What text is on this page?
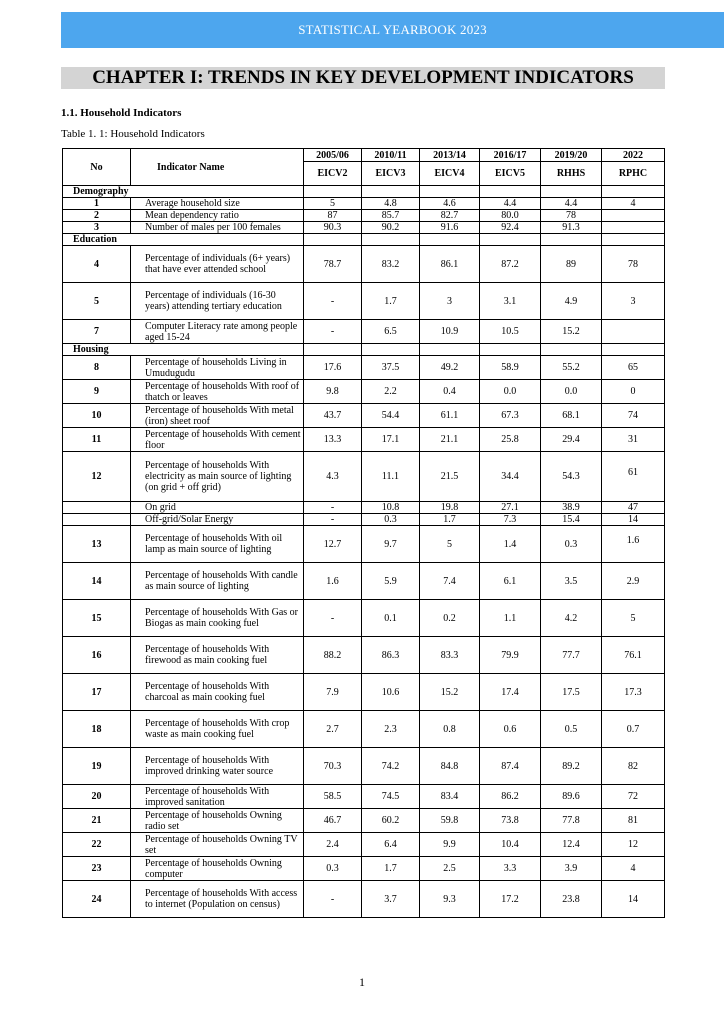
STATISTICAL YEARBOOK 2023
CHAPTER I: TRENDS IN KEY DEVELOPMENT INDICATORS
1.1. Household Indicators
Table 1. 1: Household Indicators
No	Indicator Name	2005/06	2010/11	2013/14	2016/17	2019/20	2022
		EICV2	EICV3	EICV4	EICV5	RHHS	RPHC
Demography							
1	Average household size	5	4.8	4.6	4.4	4.4	4
2	Mean dependency ratio	87	85.7	82.7	80.0	78	
3	Number of males per 100 females	90.3	90.2	91.6	92.4	91.3	
Education							
4	Percentage of individuals (6+ years) that have ever attended school	78.7	83.2	86.1	87.2	89	78
5	Percentage of individuals (16-30 years) attending tertiary education	-	1.7	3	3.1	4.9	3
7	Computer Literacy rate among people aged 15-24	-	6.5	10.9	10.5	15.2	
Housing							
8	Percentage of households Living in Umudugudu	17.6	37.5	49.2	58.9	55.2	65
9	Percentage of households With roof of thatch or leaves	9.8	2.2	0.4	0.0	0.0	0
10	Percentage of households With metal (iron) sheet roof	43.7	54.4	61.1	67.3	68.1	74
11	Percentage of households With cement floor	13.3	17.1	21.1	25.8	29.4	31
12	Percentage of households With electricity as main source of lighting (on grid + off grid)	4.3	11.1	21.5	34.4	54.3	61
	On grid	-	10.8	19.8	27.1	38.9	47
	Off-grid/Solar Energy	-	0.3	1.7	7.3	15.4	14
13	Percentage of households With oil lamp as main source of lighting	12.7	9.7	5	1.4	0.3	1.6
14	Percentage of households With candle as main source of lighting	1.6	5.9	7.4	6.1	3.5	2.9
15	Percentage of households With Gas or Biogas as main cooking fuel	-	0.1	0.2	1.1	4.2	5
16	Percentage of households With firewood as main cooking fuel	88.2	86.3	83.3	79.9	77.7	76.1
17	Percentage of households With charcoal as main cooking fuel	7.9	10.6	15.2	17.4	17.5	17.3
18	Percentage of households With crop waste as main cooking fuel	2.7	2.3	0.8	0.6	0.5	0.7
19	Percentage of households With improved drinking water source	70.3	74.2	84.8	87.4	89.2	82
20	Percentage of households With improved sanitation	58.5	74.5	83.4	86.2	89.6	72
21	Percentage of households Owning radio set	46.7	60.2	59.8	73.8	77.8	81
22	Percentage of households Owning TV set	2.4	6.4	9.9	10.4	12.4	12
23	Percentage of households Owning computer	0.3	1.7	2.5	3.3	3.9	4
24	Percentage of households With access to internet (Population on census)	-	3.7	9.3	17.2	23.8	14
1
